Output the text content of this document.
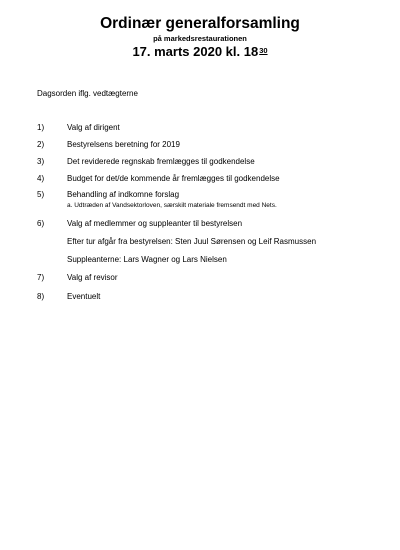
Ordinær generalforsamling
på markedsrestaurationen
17. marts 2020 kl. $18^{30}$
Dagsorden iflg. vedtægterne
1)	Valg af dirigent
2)	Bestyrelsens beretning for 2019
3)	Det reviderede regnskab fremlægges til godkendelse
4)	Budget for det/de kommende år fremlægges til godkendelse
5)	Behandling af indkomne forslag
a. Udtræden af Vandsektorloven, særskilt materiale fremsendt med Nets.
6)	Valg af medlemmer og suppleanter til bestyrelsen
Efter tur afgår fra bestyrelsen: Sten Juul Sørensen og Leif Rasmussen
Suppleanterne: Lars Wagner og Lars Nielsen
7)	Valg af revisor
8)	Eventuelt
